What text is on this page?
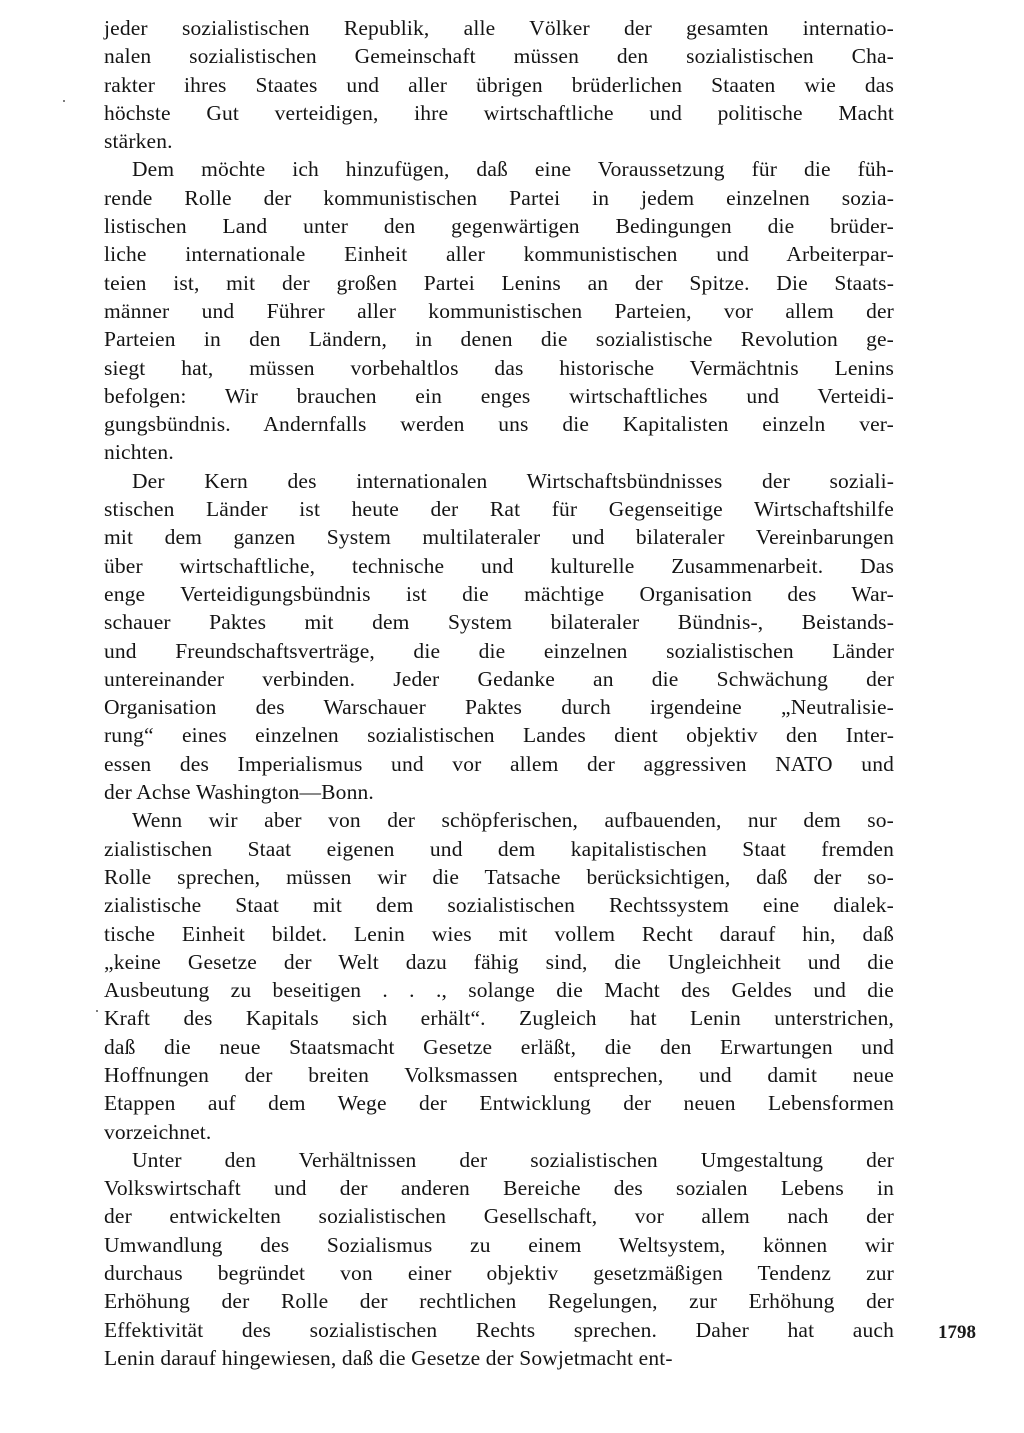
jeder sozialistischen Republik, alle Völker der gesamten internatio-
nalen sozialistischen Gemeinschaft müssen den sozialistischen Cha-
rakter ihres Staates und aller übrigen brüderlichen Staaten wie das
höchste Gut verteidigen, ihre wirtschaftliche und politische Macht
stärken.
Dem möchte ich hinzufügen, daß eine Voraussetzung für die füh-
rende Rolle der kommunistischen Partei in jedem einzelnen sozia-
listischen Land unter den gegenwärtigen Bedingungen die brüder-
liche internationale Einheit aller kommunistischen und Arbeiterpar-
teien ist, mit der großen Partei Lenins an der Spitze. Die Staats-
männer und Führer aller kommunistischen Parteien, vor allem der
Parteien in den Ländern, in denen die sozialistische Revolution ge-
siegt hat, müssen vorbehaltlos das historische Vermächtnis Lenins
befolgen: Wir brauchen ein enges wirtschaftliches und Verteidi-
gungsbündnis. Andernfalls werden uns die Kapitalisten einzeln ver-
nichten.
Der Kern des internationalen Wirtschaftsbündnisses der soziali-
stischen Länder ist heute der Rat für Gegenseitige Wirtschaftshilfe
mit dem ganzen System multilateraler und bilateraler Vereinbarungen
über wirtschaftliche, technische und kulturelle Zusammenarbeit. Das
enge Verteidigungsbündnis ist die mächtige Organisation des War-
schauer Paktes mit dem System bilateraler Bündnis-, Beistands-
und Freundschaftsverträge, die die einzelnen sozialistischen Länder
untereinander verbinden. Jeder Gedanke an die Schwächung der
Organisation des Warschauer Paktes durch irgendeine „Neutralisie-
rung“ eines einzelnen sozialistischen Landes dient objektiv den Inter-
essen des Imperialismus und vor allem der aggressiven NATO und
der Achse Washington—Bonn.
Wenn wir aber von der schöpferischen, aufbauenden, nur dem so-
zialistischen Staat eigenen und dem kapitalistischen Staat fremden
Rolle sprechen, müssen wir die Tatsache berücksichtigen, daß der so-
zialistische Staat mit dem sozialistischen Rechtssystem eine dialek-
tische Einheit bildet. Lenin wies mit vollem Recht darauf hin, daß
„keine Gesetze der Welt dazu fähig sind, die Ungleichheit und die
Ausbeutung zu beseitigen . . ., solange die Macht des Geldes und die
Kraft des Kapitals sich erhält“. Zugleich hat Lenin unterstrichen,
daß die neue Staatsmacht Gesetze erläßt, die den Erwartungen und
Hoffnungen der breiten Volksmassen entsprechen, und damit neue
Etappen auf dem Wege der Entwicklung der neuen Lebensformen
vorzeichnet.
Unter den Verhältnissen der sozialistischen Umgestaltung der
Volkswirtschaft und der anderen Bereiche des sozialen Lebens in
der entwickelten sozialistischen Gesellschaft, vor allem nach der
Umwandlung des Sozialismus zu einem Weltsystem, können wir
durchaus begründet von einer objektiv gesetzmäßigen Tendenz zur
Erhöhung der Rolle der rechtlichen Regelungen, zur Erhöhung der
Effektivität des sozialistischen Rechts sprechen. Daher hat auch
Lenin darauf hingewiesen, daß die Gesetze der Sowjetmacht ent-
1798
